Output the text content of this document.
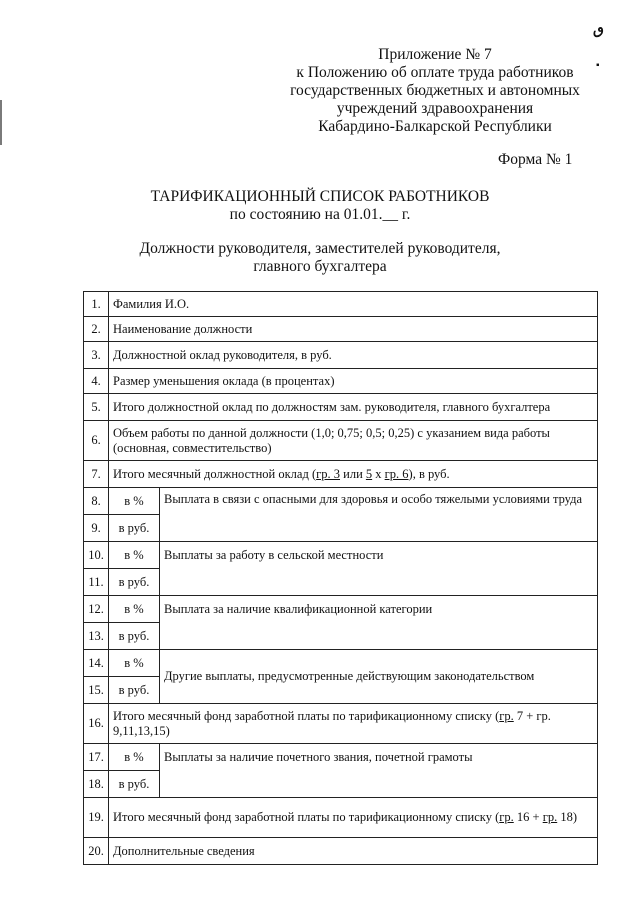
ٯ
▪
Приложение № 7
к Положению об оплате труда работников
государственных бюджетных и автономных
учреждений здравоохранения
Кабардино-Балкарской Республики
Форма № 1
ТАРИФИКАЦИОННЫЙ СПИСОК РАБОТНИКОВ
по состоянию на 01.01.__ г.
Должности руководителя, заместителей руководителя,
главного бухгалтера
1.	Фамилия И.О.	
2.	Наименование должности	
3.	Должностной оклад руководителя, в руб.	
4.	Размер уменьшения оклада (в процентах)	
5.	Итого должностной оклад по должностям зам. руководителя, главного бухгалтера	
6.	Объем работы по данной должности (1,0; 0,75; 0,5; 0,25) с указанием вида работы (основная, совместительство)	
7.	Итого месячный должностной оклад (гр. 3 или 5 х гр. 6), в руб.	
8.	в %	Выплата в связи с опасными для здоровья и особо тяжелыми условиями труда
9.	в руб.	
10.	в %	Выплаты за работу в сельской местности
11.	в руб.	
12.	в %	Выплата за наличие квалификационной категории
13.	в руб.	
14.	в %	Другие выплаты, предусмотренные действующим законодательством
15.	в руб.	
16.	Итого месячный фонд заработной платы по тарификационному списку (гр. 7 + гр. 9,11,13,15)	
17.	в %	Выплаты за наличие почетного звания, почетной грамоты
18.	в руб.	
19.	Итого месячный фонд заработной платы по тарификационному списку (гр. 16 + гр. 18)	
20.	Дополнительные сведения	
